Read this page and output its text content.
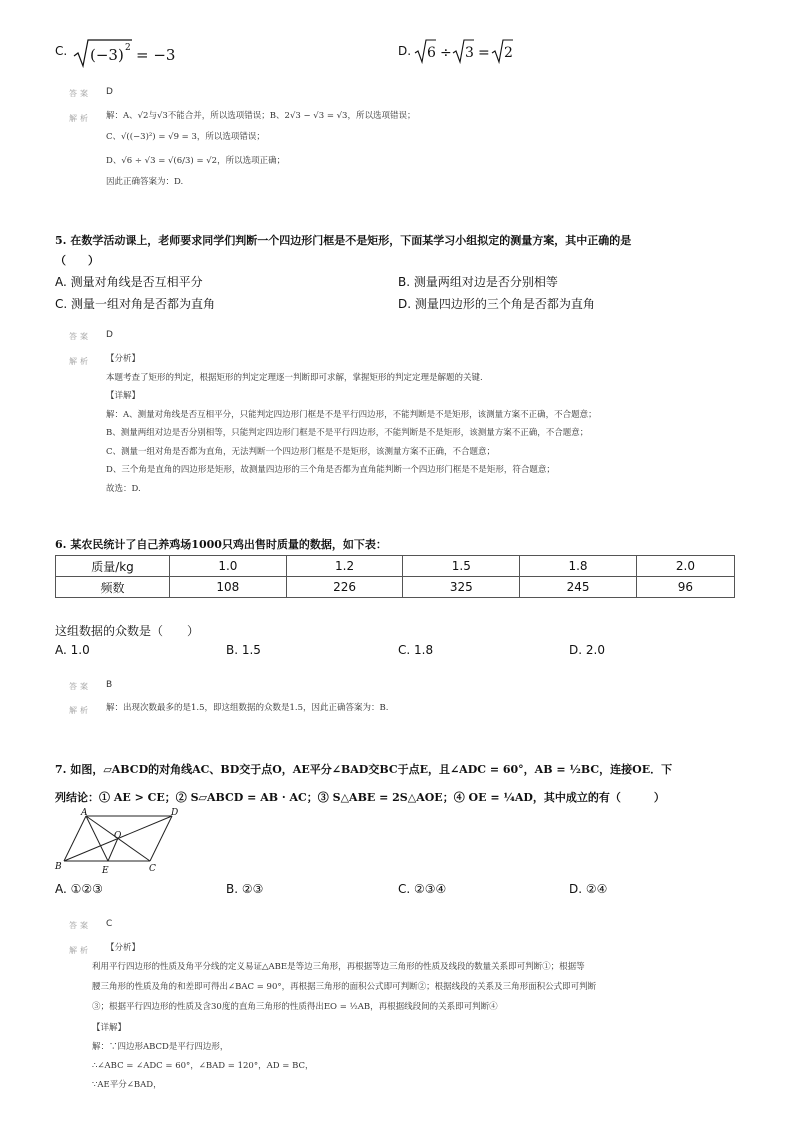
C. (−3) 2 = −3	D. 6 ÷ 3 = 2
答案 D
解析 解：A、√2与√3不能合并，所以选项错误；B、2√3 − √3 = √3，所以选项错误；
C、√((−3)²) = √9 = 3，所以选项错误；
D、√6 ÷ √3 = √(6/3) = √2，所以选项正确；
因此正确答案为：D.
5. 在数学活动课上，老师要求同学们判断一个四边形门框是不是矩形，下面某学习小组拟定的测量方案，其中正确的是
（　　）
A. 测量对角线是否互相平分	B. 测量两组对边是否分别相等
C. 测量一组对角是否都为直角	D. 测量四边形的三个角是否都为直角
答案 D
解析 【分析】
本题考查了矩形的判定，根据矩形的判定定理逐一判断即可求解，掌握矩形的判定定理是解题的关键.
【详解】
解：A、测量对角线是否互相平分，只能判定四边形门框是不是平行四边形，不能判断是不是矩形，该测量方案不正确，不合题意；
B、测量两组对边是否分别相等，只能判定四边形门框是不是平行四边形，不能判断是不是矩形，该测量方案不正确，不合题意；
C、测量一组对角是否都为直角，无法判断一个四边形门框是不是矩形，该测量方案不正确，不合题意；
D、三个角是直角的四边形是矩形，故测量四边形的三个角是否都为直角能判断一个四边形门框是不是矩形，符合题意；
故选：D.
6. 某农民统计了自己养鸡场1000只鸡出售时质量的数据，如下表：
质量/kg	1.0	1.2	1.5	1.8	2.0
频数	108	226	325	245	96
这组数据的众数是（　　）
A. 1.0	B. 1.5	C. 1.8	D. 2.0
答案 B
解析 解：出现次数最多的是1.5，即这组数据的众数是1.5，因此正确答案为：B.
7. 如图，▱ABCD的对角线AC、BD交于点O，AE平分∠BAD交BC于点E，且∠ADC = 60°，AB = ½BC，连接OE．下
列结论：① AE > CE；② S▱ABCD = AB · AC；③ S△ABE = 2S△AOE；④ OE = ¼AD，其中成立的有（　　　）
A	D
O
B	E	C
A. ①②③	B. ②③	C. ②③④	D. ②④
答案 C
解析 【分析】
利用平行四边形的性质及角平分线的定义易证△ABE是等边三角形，再根据等边三角形的性质及线段的数量关系即可判断①；根据等
腰三角形的性质及角的和差即可得出∠BAC = 90°，再根据三角形的面积公式即可判断②；根据线段的关系及三角形面积公式即可判断
③；根据平行四边形的性质及含30度的直角三角形的性质得出EO = ½AB，再根据线段间的关系即可判断④
【详解】
解：∵四边形ABCD是平行四边形，
∴∠ABC = ∠ADC = 60°，∠BAD = 120°，AD = BC，
∵AE平分∠BAD，
